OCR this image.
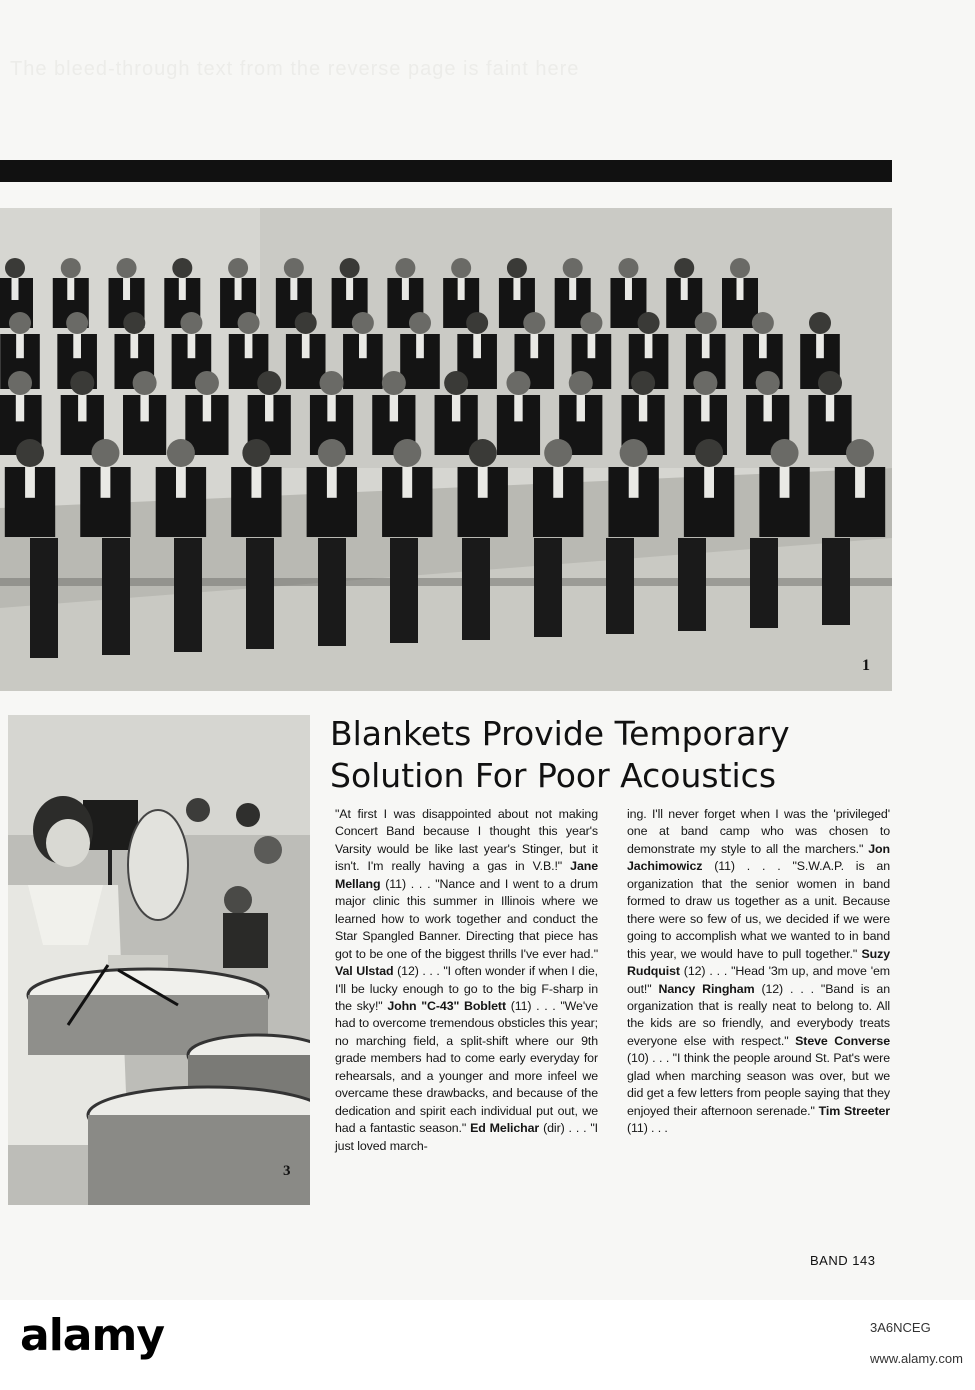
The bleed-through text from the reverse page is faint here
1
3
Blankets Provide Temporary
Solution For Poor Acoustics

"At first I was disappointed about not making Concert Band because I thought this year's Varsity would be like last year's Stinger, but it isn't. I'm really having a gas in V.B.!" Jane Mellang (11) . . . "Nance and I went to a drum major clinic this summer in Illinois where we learned how to work together and conduct the Star Spangled Banner. Directing that piece has got to be one of the biggest thrills I've ever had." Val Ulstad (12) . . . "I often wonder if when I die, I'll be lucky enough to go to the big F-sharp in the sky!" John "C-43" Boblett (11) . . . "We've had to overcome tremendous obsticles this year; no marching field, a split-shift where our 9th grade members had to come early everyday for rehearsals, and a younger and more infeel we overcame these drawbacks, and because of the dedication and spirit each individual put out, we had a fantastic season." Ed Melichar (dir) . . . "I just loved march-

ing. I'll never forget when I was the 'privileged' one at band camp who was chosen to demonstrate my style to all the marchers." Jon Jachimowicz (11) . . . "S.W.A.P. is an organization that the senior women in band formed to draw us together as a unit. Because there were so few of us, we decided if we were going to accomplish what we wanted to in band this year, we would have to pull together." Suzy Rudquist (12) . . . "Head '3m up, and move 'em out!" Nancy Ringham (12) . . . "Band is an organization that is really neat to belong to. All the kids are so friendly, and everybody treats everyone else with respect." Steve Converse (10) . . . "I think the people around St. Pat's were glad when marching season was over, but we did get a few letters from people saying that they enjoyed their afternoon serenade." Tim Streeter (11) . . .

BAND 143
alamy	3A6NCEG
www.alamy.com
